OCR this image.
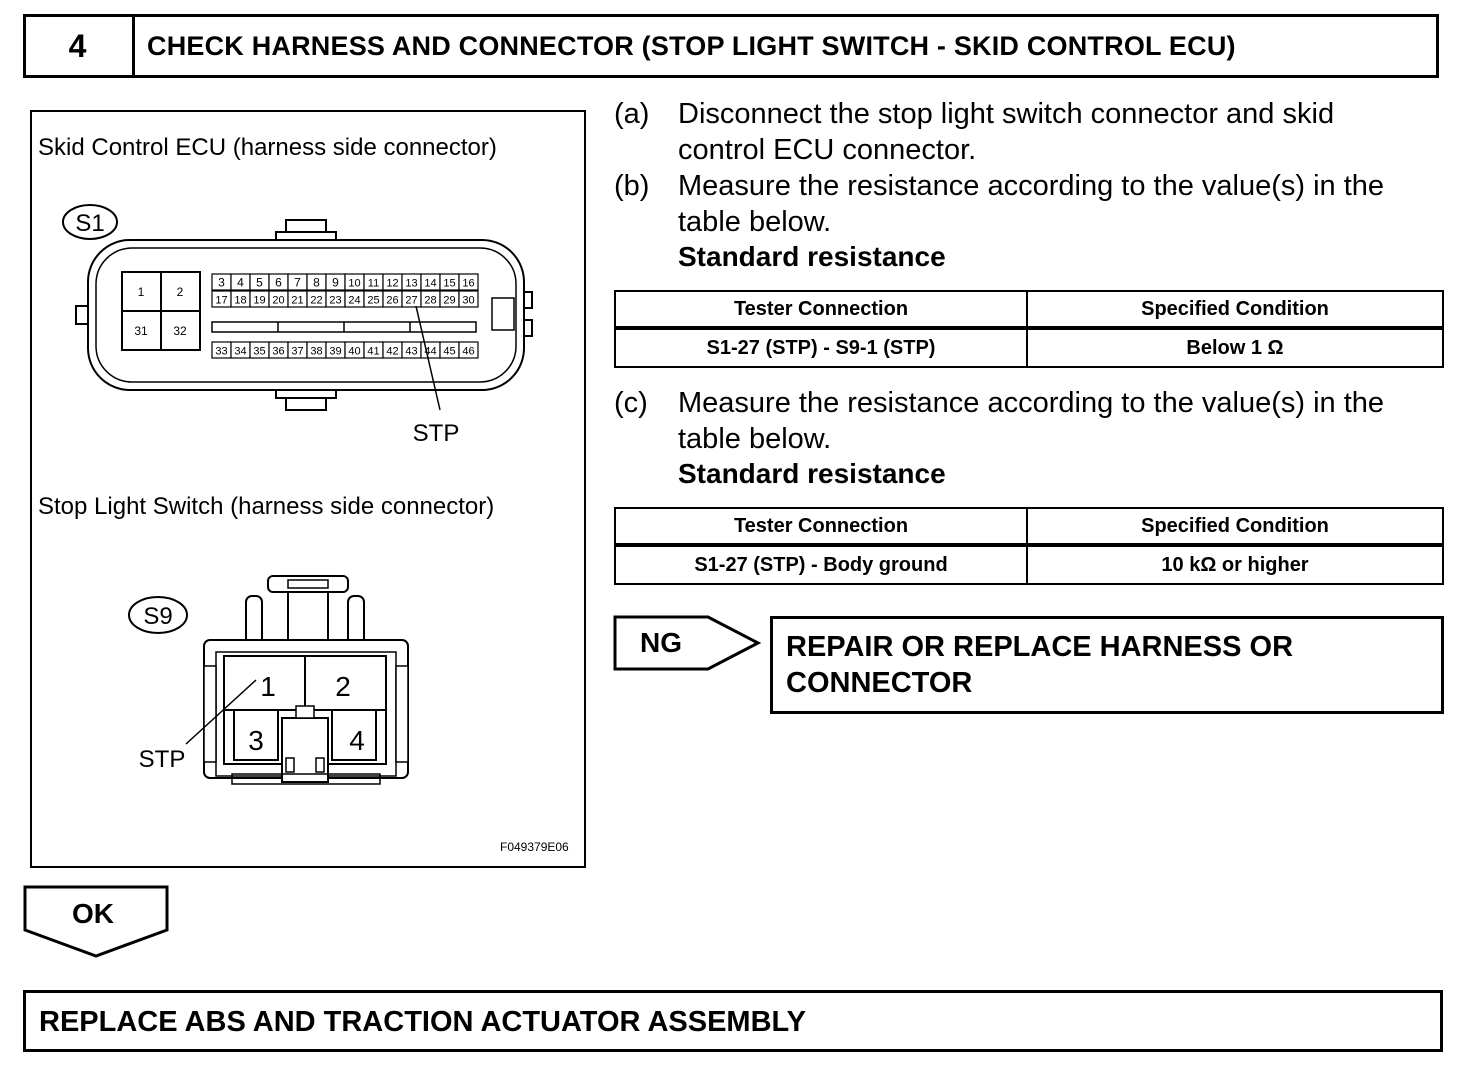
4	CHECK HARNESS AND CONNECTOR (STOP LIGHT SWITCH - SKID CONTROL ECU)
Skid Control ECU (harness side connector)
S1
1	2
31 32
3 4 5 6 7 8 9 10 11 12 13 14 15 16
17 18 19 20 21 22 23 24 25 26 27 28 29 30
33 34 35 36 37 38 39 40 41 42 43 44 45 46
STP
S9
1 2
3	4
STP
Stop Light Switch (harness side connector)
F049379E06
(a) Disconnect the stop light switch connector and skid
control ECU connector.
(b) Measure the resistance according to the value(s) in the
table below.
Standard resistance
Tester Connection	Specified Condition
S1-27 (STP) - S9-1 (STP)	Below 1 Ω
(c) Measure the resistance according to the value(s) in the
table below.
Standard resistance
Tester Connection	Specified Condition
S1-27 (STP) - Body ground	10 kΩ or higher
NG	REPAIR OR REPLACE HARNESS OR
CONNECTOR
OK
REPLACE ABS AND TRACTION ACTUATOR ASSEMBLY
